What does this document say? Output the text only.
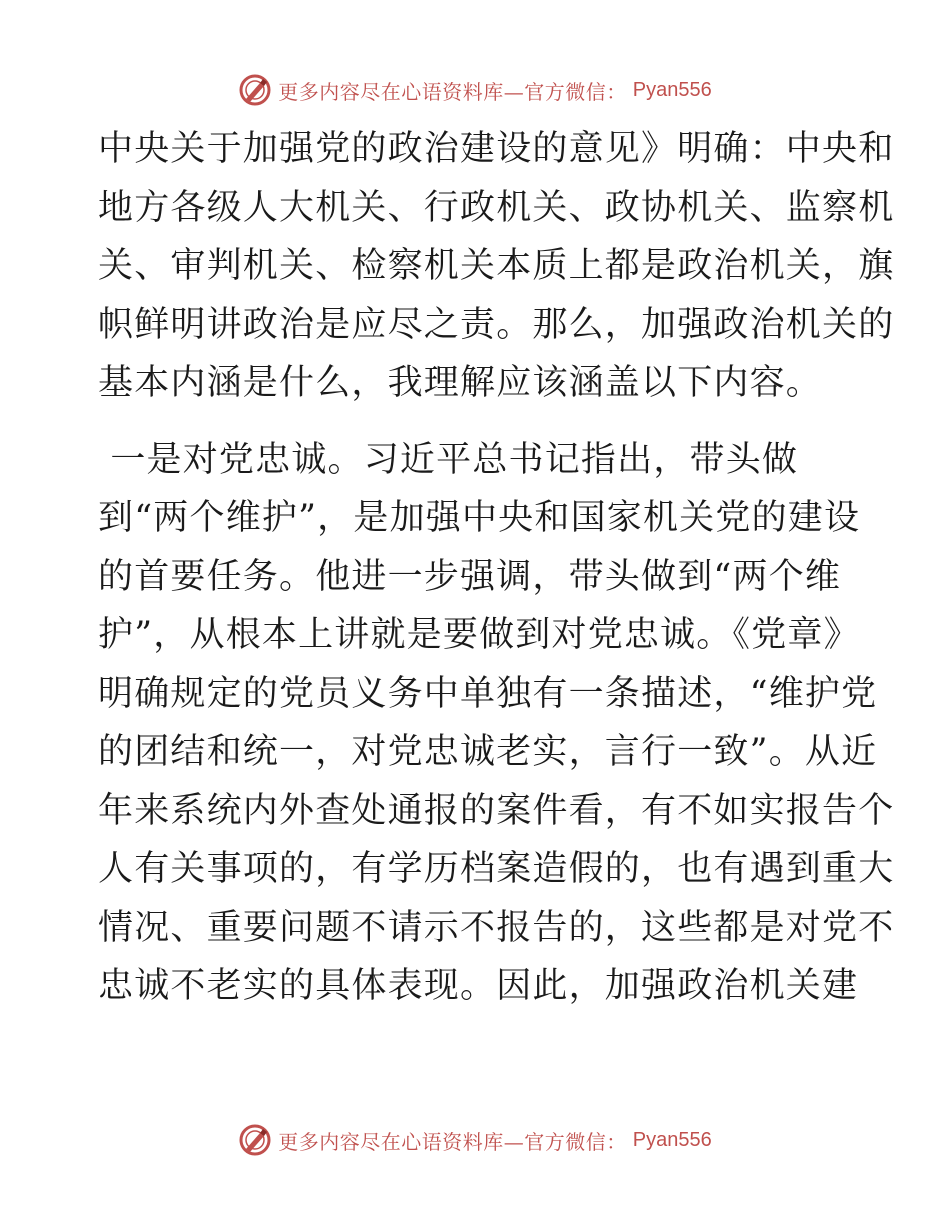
更多内容尽在心语资料库—官方微信： Pyan556
中央关于加强党的政治建设的意见》明确：中央和
地方各级人大机关、行政机关、政协机关、监察机
关、审判机关、检察机关本质上都是政治机关，旗
帜鲜明讲政治是应尽之责。那么，加强政治机关的
基本内涵是什么，我理解应该涵盖以下内容。
一是对党忠诚。习近平总书记指出，带头做
到“两个维护”，是加强中央和国家机关党的建设
的首要任务。他进一步强调，带头做到“两个维
护”，从根本上讲就是要做到对党忠诚。《党章》
明确规定的党员义务中单独有一条描述，“维护党
的团结和统一，对党忠诚老实，言行一致”。从近
年来系统内外查处通报的案件看，有不如实报告个
人有关事项的，有学历档案造假的，也有遇到重大
情况、重要问题不请示不报告的，这些都是对党不
忠诚不老实的具体表现。因此，加强政治机关建
更多内容尽在心语资料库—官方微信： Pyan556
